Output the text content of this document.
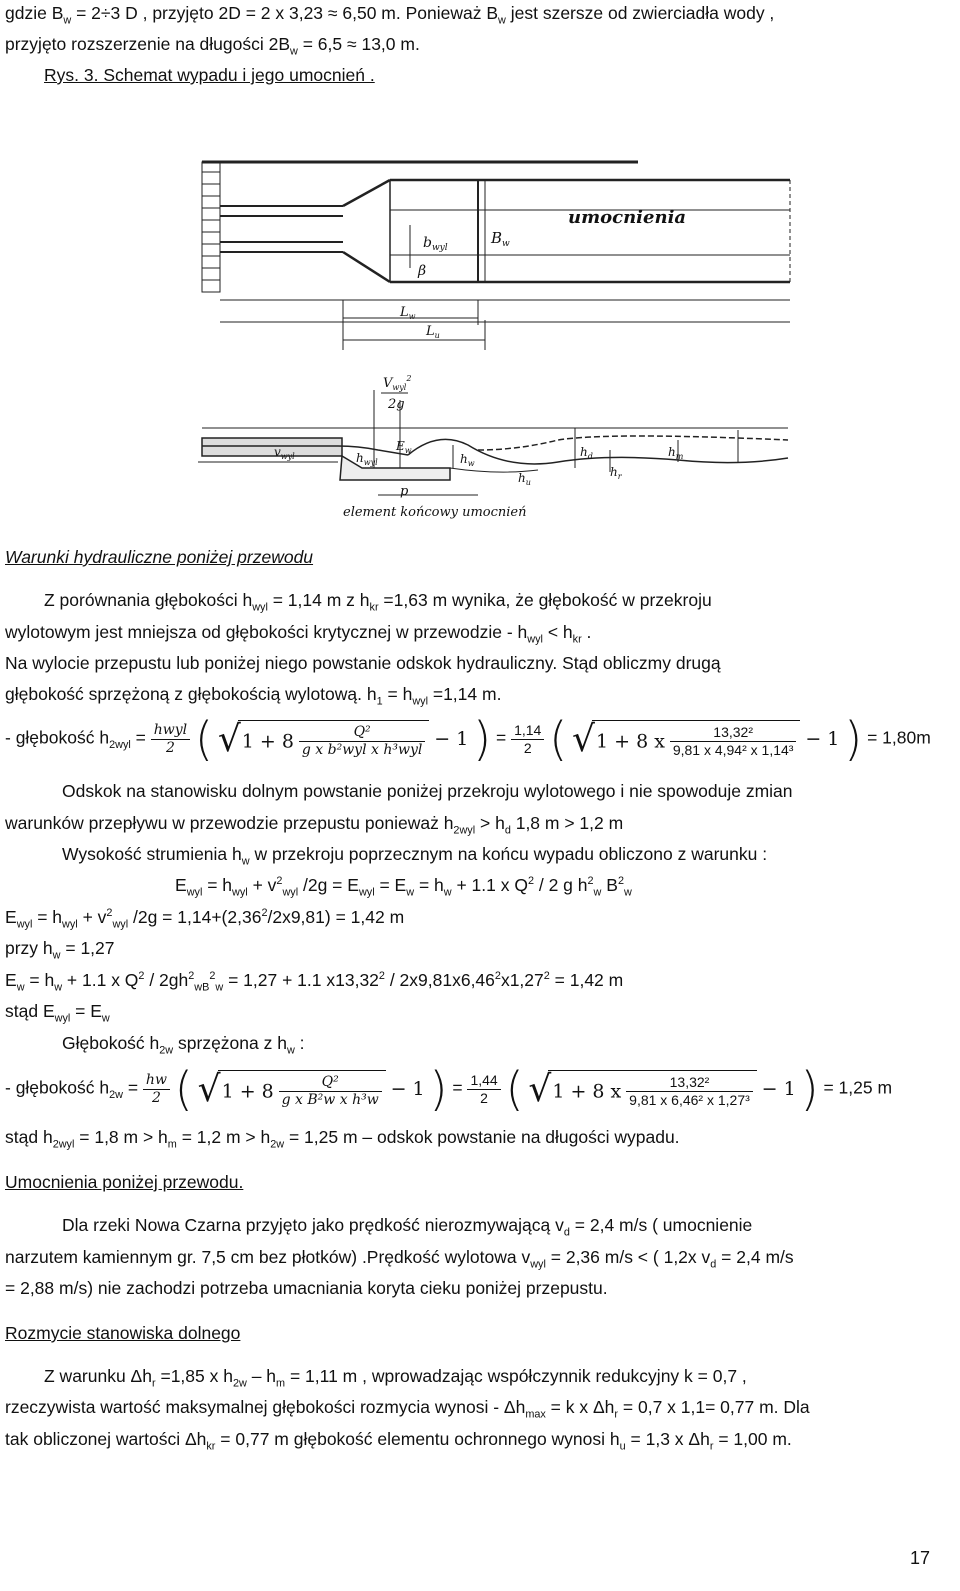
gdzie $B_w = 2\div 3$ D , przyjęto 2D = 2 x 3,23 ≈ 6,50 m. Ponieważ $B_w$ jest szersze od zwierciadła wody ,
przyjęto rozszerzenie na długości $2B_w = 6,5 \approx 13,0$ m.
Rys. 3. Schemat wypadu i jego umocnień .
umocnienia
$b_{wyl}$
$B_w$
β
$L_w$
$L_u$
$V_{wyl}^2$
2g
$v_{wyl}$	$h_{wyl}$
$E_w$
$h_w$
$h_d$	$h_m$
$h_r$
$h_u$
p
element końcowy umocnień
Warunki hydrauliczne poniżej przewodu
Z porównania głębokości $h_{wyl} = 1,14$ m z $h_{kr} =1,63$ m wynika, że głębokość w przekroju
wylotowym jest mniejsza od głębokości krytycznej w przewodzie - $h_{wyl} < h_{kr}$ .
Na wylocie przepustu lub poniżej niego powstanie odskok hydrauliczny. Stąd obliczmy drugą
głębokość sprzężoną z głębokością wylotową. $h_1 = h_{wyl} =1,14$ m.
- głębokość $h_{2wyl} = \frac{\text{hwyl}}{2}$ ( $√1 + 8 \frac{\text{Q²}}{\text{g x b²wyl x h³wyl}} - 1$ ) = $\frac{1,14}{2}$ ( √1 + 8 x $\frac{\text{13,32²}}{\text{9,81 x 4,94² x 1,14³}} - 1$ ) = 1,80m
Odskok na stanowisku dolnym powstanie poniżej przekroju wylotowego i nie spowoduje zmian
warunków przepływu w przewodzie przepustu ponieważ $h_{2wyl} > h_d$ 1,8 m > 1,2 m
Wysokość strumienia $h_w$ w przekroju poprzecznym na końcu wypadu obliczono z warunku :
$E_{wyl} = h_{wyl} + v^2_{wyl}$ $/2g = E_{wyl} = E_w = h_w + 1.1$ x $Q^2 / 2$ g $h^2_w$ $B^2_w$
$E_{wyl} = h_{wyl} + v^2_{wyl}$ $/2g = 1,14+(2,36^2/2x9,81) = 1,42$ m
przy $h_w = 1,27$
$E_w = h_w + 1.1$ x $Q^2 / 2gh^2_{wB}^2_w = 1,27 + 1.1$ $x13,32^2 / 2x9,81x6,46^2x1,27^2 = 1,42$ m
stąd $E_{wyl} = E_w$
Głębokość $h_{2w}$ sprzężona z $h_w$ :
- głębokość $h_{2w} = \frac{hw}{2}$ ( $√1 + 8 \frac{\text{Q²}}{\text{g x B²w x h³w}} - 1$ ) = $\frac{1,44}{2}$ ( √1 + 8 x $\frac{\text{13,32²}}{\text{9,81 x 6,46² x 1,27³}} - 1$ ) = 1,25 m
stąd $h_{2wyl} = 1,8$ $m > h_m = 1,2$ $m > h_{2w} = 1,25$ m – odskok powstanie na długości wypadu.
Umocnienia poniżej przewodu.
Dla rzeki Nowa Czarna przyjęto jako prędkość nierozmywającą $v_d = 2,4$ m/s ( umocnienie
narzutem kamiennym gr. 7,5 cm bez płotków) .Prędkość wylotowa $v_{wyl} = 2,36$ m/s < ( 1,2x $v_d = 2,4$ m/s
= 2,88 m/s) nie zachodzi potrzeba umacniania koryta cieku poniżej przepustu.
Rozmycie stanowiska dolnego
Z warunku $\Delta h_r =1,85$ x $h_{2w} - h_m = 1,11$ m , wprowadzając współczynnik redukcyjny k = 0,7 ,
rzeczywista wartość maksymalnej głębokości rozmycia wynosi - $\Delta h_{max} = k$ x $\Delta h_r = 0,7$ x 1,1= 0,77 m. Dla
tak obliczonej wartości $\Delta h_{kr} = 0,77$ m głębokość elementu ochronnego wynosi $h_u = 1,3$ x $\Delta h_r = 1,00$ m.
17
